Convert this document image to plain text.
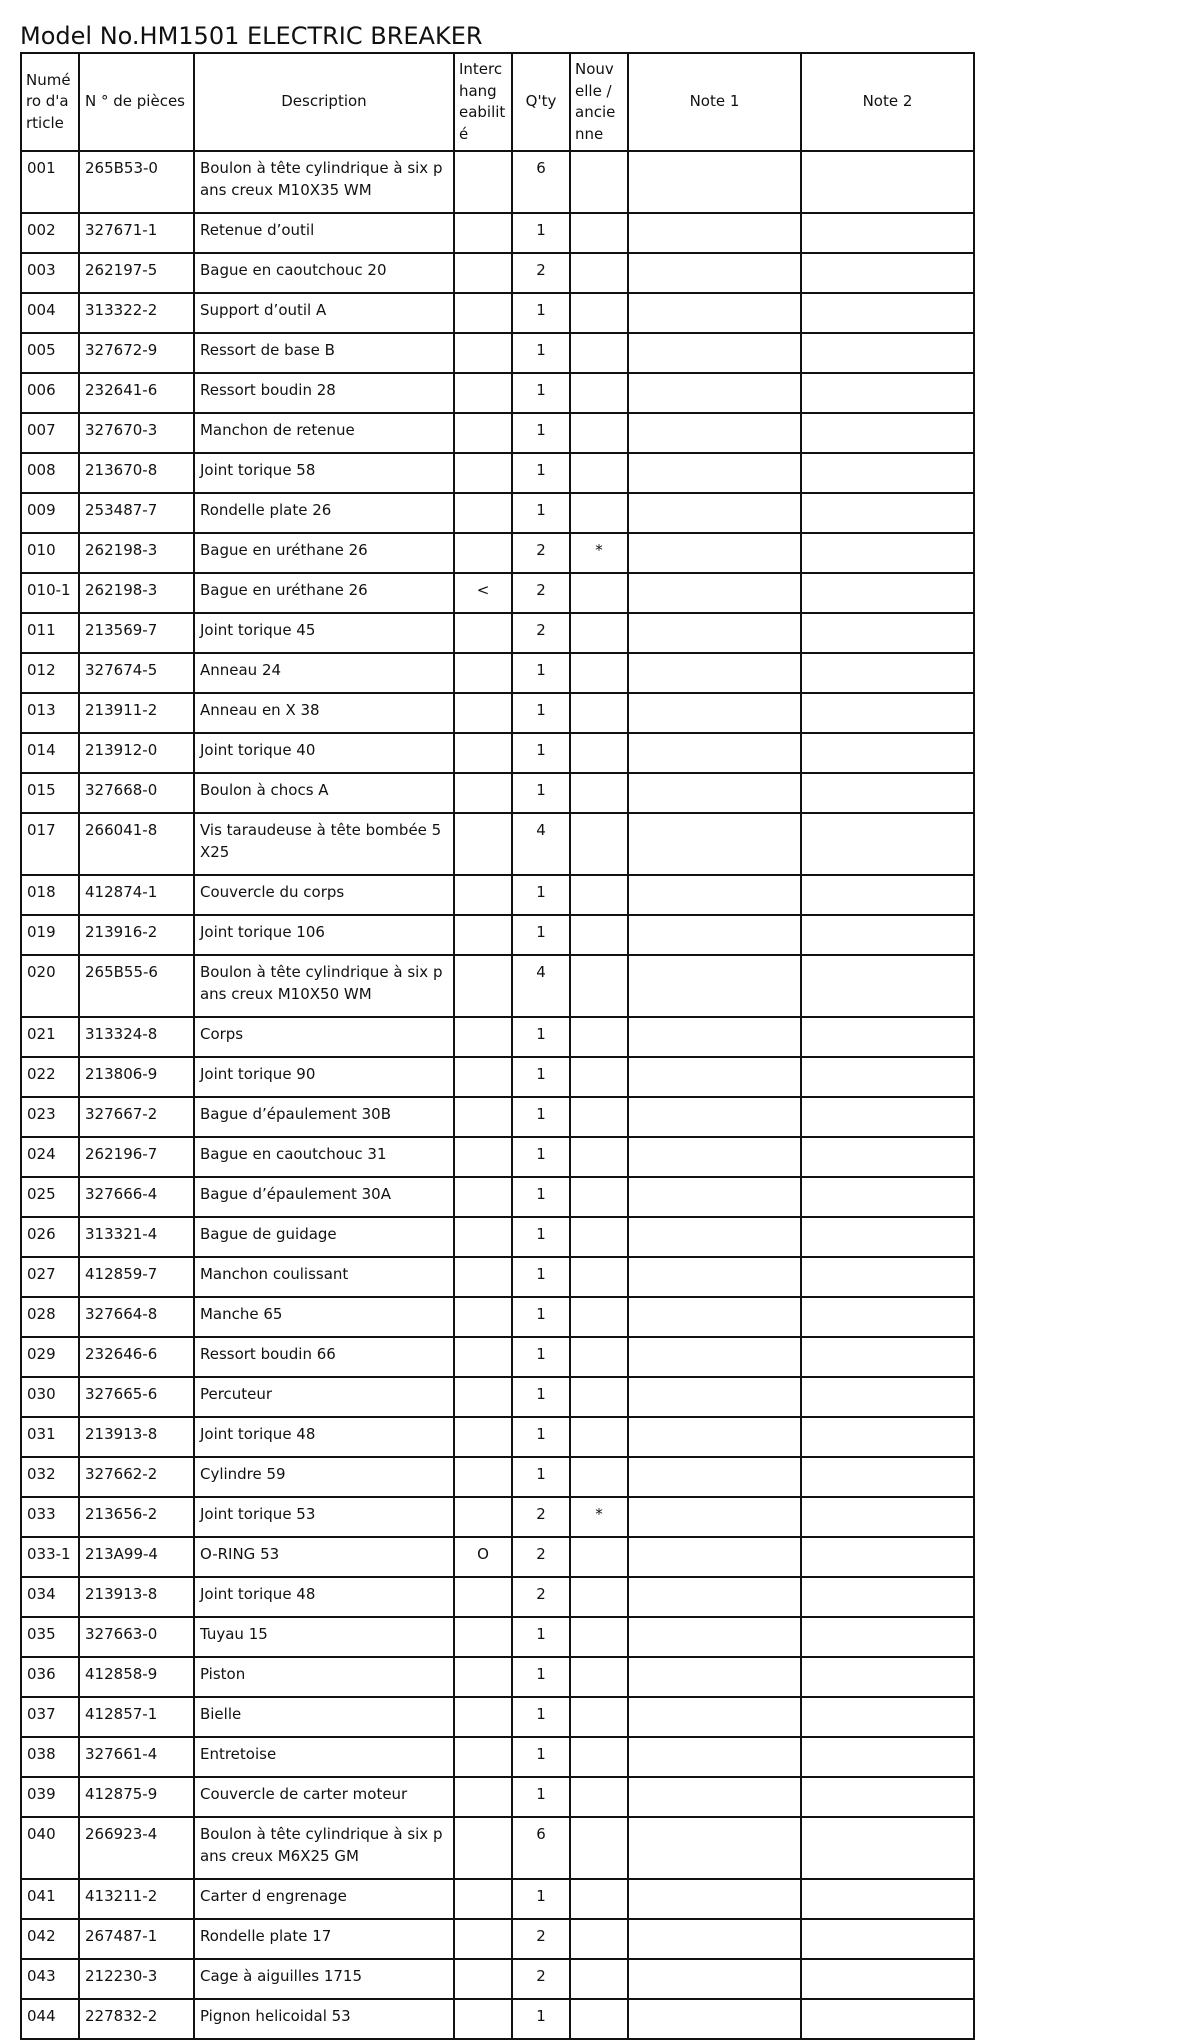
Model No.HM1501 ELECTRIC BREAKER
Numé
ro d'a
rticle	N ° de pièces	Description	Interc
hang
eabilit
é	Q'ty	Nouv
elle /
ancie
nne	Note 1	Note 2
001	265B53-0	Boulon à tête cylindrique à six pans creux M10X35 WM		6			
002	327671-1	Retenue d’outil		1			
003	262197-5	Bague en caoutchouc 20		2			
004	313322-2	Support d’outil A		1			
005	327672-9	Ressort de base B		1			
006	232641-6	Ressort boudin 28		1			
007	327670-3	Manchon de retenue		1			
008	213670-8	Joint torique 58		1			
009	253487-7	Rondelle plate 26		1			
010	262198-3	Bague en uréthane 26		2	*		
010-1	262198-3	Bague en uréthane 26	<	2			
011	213569-7	Joint torique 45		2			
012	327674-5	Anneau 24		1			
013	213911-2	Anneau en X 38		1			
014	213912-0	Joint torique 40		1			
015	327668-0	Boulon à chocs A		1			
017	266041-8	Vis taraudeuse à tête bombée 5X25		4			
018	412874-1	Couvercle du corps		1			
019	213916-2	Joint torique 106		1			
020	265B55-6	Boulon à tête cylindrique à six pans creux M10X50 WM		4			
021	313324-8	Corps		1			
022	213806-9	Joint torique 90		1			
023	327667-2	Bague d’épaulement 30B		1			
024	262196-7	Bague en caoutchouc 31		1			
025	327666-4	Bague d’épaulement 30A		1			
026	313321-4	Bague de guidage		1			
027	412859-7	Manchon coulissant		1			
028	327664-8	Manche 65		1			
029	232646-6	Ressort boudin 66		1			
030	327665-6	Percuteur		1			
031	213913-8	Joint torique 48		1			
032	327662-2	Cylindre 59		1			
033	213656-2	Joint torique 53		2	*		
033-1	213A99-4	O-RING 53	O	2			
034	213913-8	Joint torique 48		2			
035	327663-0	Tuyau 15		1			
036	412858-9	Piston		1			
037	412857-1	Bielle		1			
038	327661-4	Entretoise		1			
039	412875-9	Couvercle de carter moteur		1			
040	266923-4	Boulon à tête cylindrique à six pans creux M6X25 GM		6			
041	413211-2	Carter d engrenage		1			
042	267487-1	Rondelle plate 17		2			
043	212230-3	Cage à aiguilles 1715		2			
044	227832-2	Pignon helicoidal 53		1			
